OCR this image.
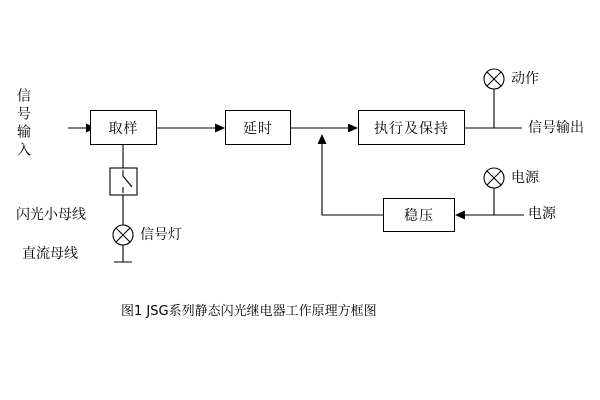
取样	延时	执行及保持
稳压
信号输入
闪光小母线
直流母线
信号灯
动作
信号输出
电源
电源
图1 JSG系列静态闪光继电器工作原理方框图
